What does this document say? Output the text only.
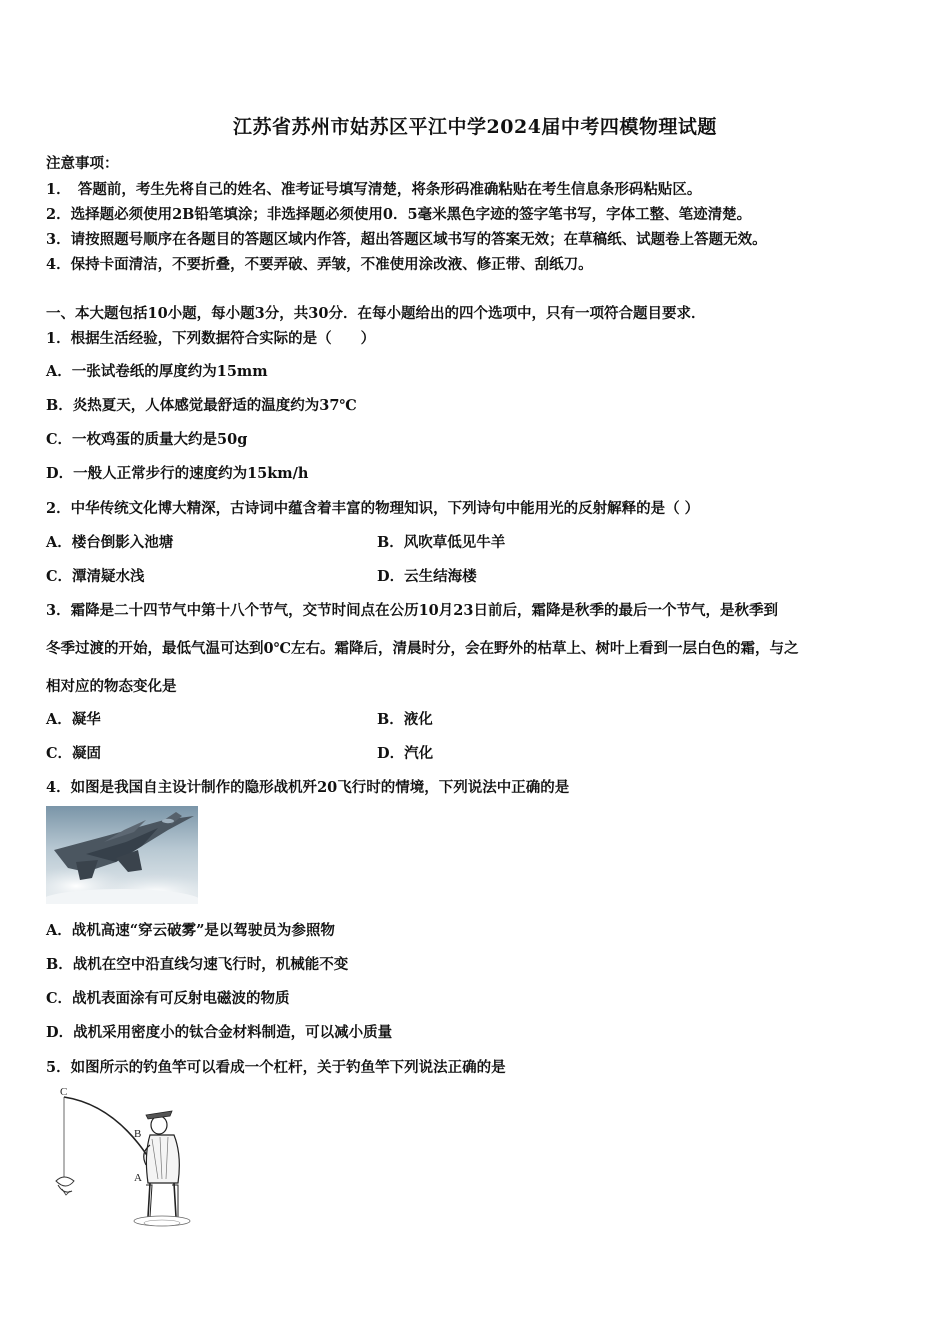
江苏省苏州市姑苏区平江中学2024届中考四模物理试题
注意事项：
1．　答题前，考生先将自己的姓名、准考证号填写清楚，将条形码准确粘贴在考生信息条形码粘贴区。
2．选择题必须使用2B铅笔填涂；非选择题必须使用0．5毫米黑色字迹的签字笔书写，字体工整、笔迹清楚。
3．请按照题号顺序在各题目的答题区域内作答，超出答题区域书写的答案无效；在草稿纸、试题卷上答题无效。
4．保持卡面清洁，不要折叠，不要弄破、弄皱，不准使用涂改液、修正带、刮纸刀。
一、本大题包括10小题，每小题3分，共30分．在每小题给出的四个选项中，只有一项符合题目要求．
1．根据生活经验，下列数据符合实际的是（　　）
A．一张试卷纸的厚度约为15mm
B．炎热夏天，人体感觉最舒适的温度约为37℃
C．一枚鸡蛋的质量大约是50g
D．一般人正常步行的速度约为15km/h
2．中华传统文化博大精深，古诗词中蕴含着丰富的物理知识，下列诗句中能用光的反射解释的是（ ）
A．楼台倒影入池塘	B．风吹草低见牛羊
C．潭清疑水浅	D．云生结海楼
3．霜降是二十四节气中第十八个节气，交节时间点在公历10月23日前后，霜降是秋季的最后一个节气，是秋季到
冬季过渡的开始，最低气温可达到0℃左右。霜降后，清晨时分，会在野外的枯草上、树叶上看到一层白色的霜，与之
相对应的物态变化是
A．凝华	B．液化
C．凝固	D．汽化
4．如图是我国自主设计制作的隐形战机歼20飞行时的情境，下列说法中正确的是
A．战机高速“穿云破雾”是以驾驶员为参照物
B．战机在空中沿直线匀速飞行时，机械能不变
C．战机表面涂有可反射电磁波的物质
D．战机采用密度小的钛合金材料制造，可以减小质量
5．如图所示的钓鱼竿可以看成一个杠杆，关于钓鱼竿下列说法正确的是
C
B
A
